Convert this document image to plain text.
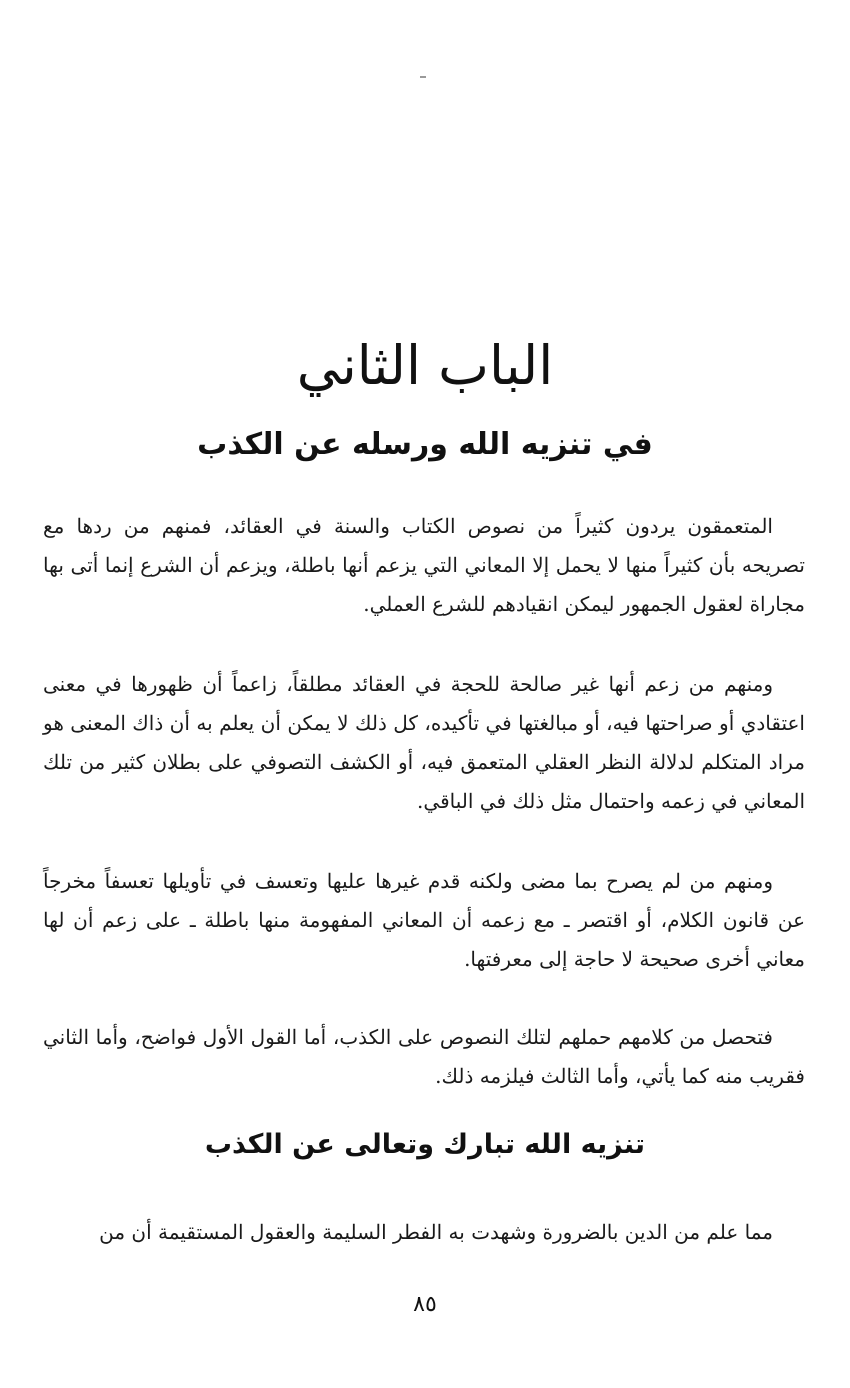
الباب الثاني
في تنزيه الله ورسله عن الكذب

المتعمقون يردون كثيراً من نصوص الكتاب والسنة في العقائد، فمنهم من ردها مع تصريحه بأن كثيراً منها لا يحمل إلا المعاني التي يزعم أنها باطلة، ويزعم أن الشرع إنما أتى بها مجاراة لعقول الجمهور ليمكن انقيادهم للشرع العملي.

ومنهم من زعم أنها غير صالحة للحجة في العقائد مطلقاً، زاعماً أن ظهورها في معنى اعتقادي أو صراحتها فيه، أو مبالغتها في تأكيده، كل ذلك لا يمكن أن يعلم به أن ذاك المعنى هو مراد المتكلم لدلالة النظر العقلي المتعمق فيه، أو الكشف التصوفي على بطلان كثير من تلك المعاني في زعمه واحتمال مثل ذلك في الباقي.

ومنهم من لم يصرح بما مضى ولكنه قدم غيرها عليها وتعسف في تأويلها تعسفاً مخرجاً عن قانون الكلام، أو اقتصر ـ مع زعمه أن المعاني المفهومة منها باطلة ـ على زعم أن لها معاني أخرى صحيحة لا حاجة إلى معرفتها.

فتحصل من كلامهم حملهم لتلك النصوص على الكذب، أما القول الأول فواضح، وأما الثاني فقريب منه كما يأتي، وأما الثالث فيلزمه ذلك.

تنزيه الله تبارك وتعالى عن الكذب

مما علم من الدين بالضرورة وشهدت به الفطر السليمة والعقول المستقيمة أن من

٨٥
